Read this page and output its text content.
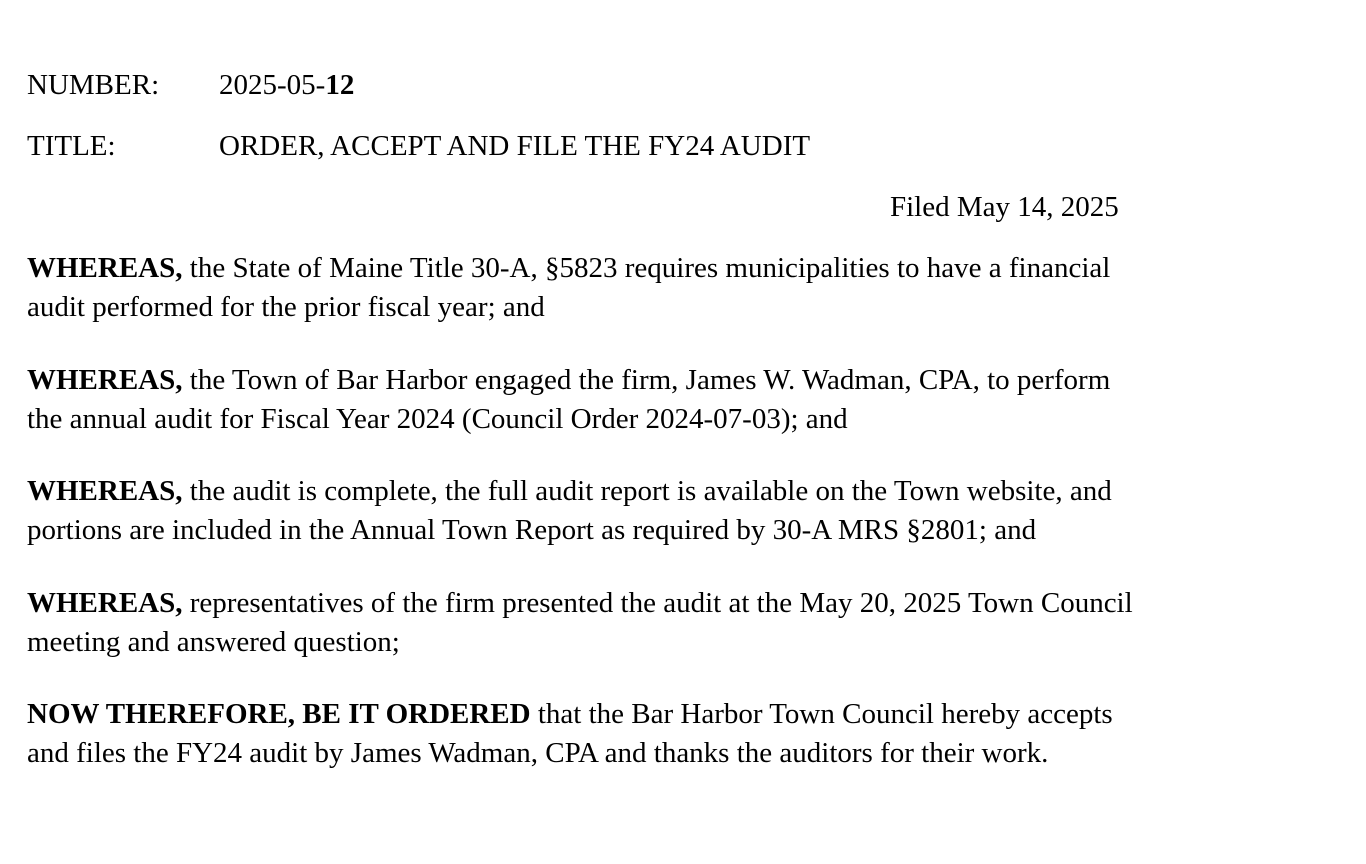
NUMBER: 2025-05-12
TITLE:	ORDER, ACCEPT AND FILE THE FY24 AUDIT
Filed May 14, 2025

WHEREAS, the State of Maine Title 30-A, §5823 requires municipalities to have a financial
audit performed for the prior fiscal year; and

WHEREAS, the Town of Bar Harbor engaged the firm, James W. Wadman, CPA, to perform
the annual audit for Fiscal Year 2024 (Council Order 2024-07-03); and

WHEREAS, the audit is complete, the full audit report is available on the Town website, and
portions are included in the Annual Town Report as required by 30-A MRS §2801; and

WHEREAS, representatives of the firm presented the audit at the May 20, 2025 Town Council
meeting and answered question;

NOW THEREFORE, BE IT ORDERED that the Bar Harbor Town Council hereby accepts
and files the FY24 audit by James Wadman, CPA and thanks the auditors for their work.
